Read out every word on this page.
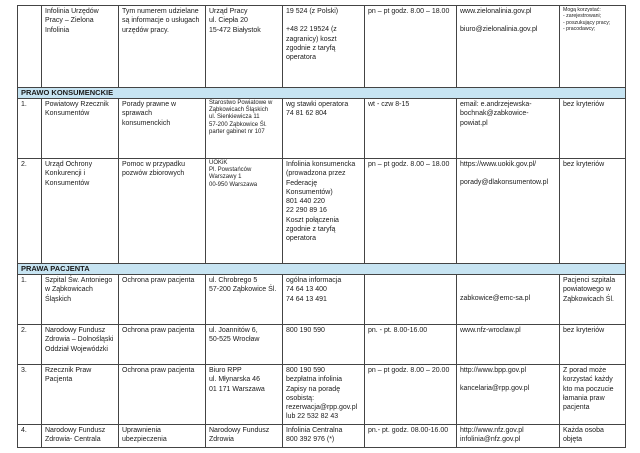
	Infolinia Urzędów Pracy – Zielona Infolinia	Tym numerem udzielane są informacje o usługach urzędów pracy.	Urząd Pracy
ul. Ciepła 20
15-472 Białystok	19 524 (z Polski)
+48 22 19524 (z zagranicy) koszt zgodnie z taryfą operatora	pn – pt godz. 8.00 – 18.00	www.zielonalinia.gov.pl
biuro@zielonalinia.gov.pl	Mogą korzystać:
- zarejestrowani;
- poszukujący pracy;
- pracodawcy;

PRAWO KONSUMENCKIE							
1.	Powiatowy Rzecznik Konsumentów	Porady prawne w sprawach konsumenckich	Starostwo Powiatowe w Ząbkowicach Śląskich
ul. Sienkiewicza 11
57-200 Ząbkowice Śl. parter gabinet nr 107	wg stawki operatora
74 81 62 804	wt - czw 8-15	email: e.andrzejewska-bochnak@zabkowice-powiat.pl	bez kryteriów

2.	Urząd Ochrony Konkurencji i Konsumentów	Pomoc w przypadku pozwów zbiorowych	UOKiK
Pl. Powstańców Warszawy 1
00-950 Warszawa	Infolinia konsumencka (prowadzona przez Federację Konsumentów)
801 440 220
22 290 89 16
Koszt połączenia zgodnie z taryfą operatora	pn – pt godz. 8.00 – 18.00	https://www.uokik.gov.pl/
porady@dlakonsumentow.pl	bez kryteriów

PRAWA PACJENTA							
1.	Szpital Św. Antoniego w Ząbkowicach Śląskich	Ochrona praw pacjenta	ul. Chrobrego 5
57-200 Ząbkowice Śl.	ogólna informacja
74 64 13 400
74 64 13 491		zabkowice@emc-sa.pl	Pacjenci szpitala powiatowego w Ząbkowicach Śl.

2.	Narodowy Fundusz Zdrowia – Dolnośląski Oddział Wojewódzki	Ochrona praw pacjenta	ul. Joannitów 6,
50-525 Wrocław	800 190 590	pn. - pt. 8.00-16.00	www.nfz-wroclaw.pl	bez kryteriów

3.	Rzecznik Praw Pacjenta	Ochrona praw pacjenta	Biuro RPP
ul. Młynarska 46
01 171 Warszawa	800 190 590
bezpłatna infolinia
Zapisy na poradę osobistą:
rezerwacja@rpp.gov.pl lub 22 532 82 43	pn – pt godz. 8.00 – 20.00	http://www.bpp.gov.pl
kancelaria@rpp.gov.pl	Z porad może korzystać każdy kto ma poczucie łamania praw pacjenta

4.	Narodowy Fundusz Zdrowia- Centrala	Uprawnienia ubezpieczenia	Narodowy Fundusz Zdrowia	Infolinia Centralna
800 392 976 (*)	pn.- pt. godz. 08.00-16.00	http://www.nfz.gov.pl
infolinia@nfz.gov.pl	Każda osoba objęta
